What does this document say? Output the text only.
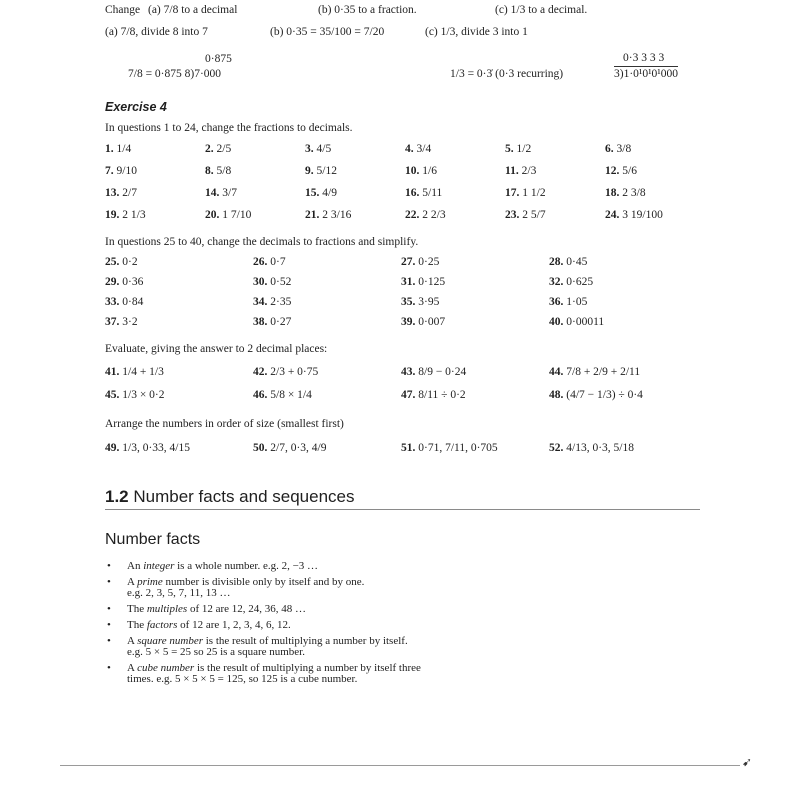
Change (a) 7/8 to a decimal	(b) 0·35 to a fraction.	(c) 1/3 to a decimal.
(a) 7/8, divide 8 into 7	(b) 0·35 = 35/100 = 7/20	(c) 1/3, divide 3 into 1
0·875
7/8 = 0·875 8)7·000
0·3 3 3 3
1/3 = 0·3̇ (0·3 recurring)	3)1·0¹0¹0¹000
Exercise 4
In questions 1 to 24, change the fractions to decimals.
1. 1/4	2. 2/5	3. 4/5	4. 3/4	5. 1/2	6. 3/8
7. 9/10	8. 5/8	9. 5/12	10. 1/6	11. 2/3	12. 5/6
13. 2/7	14. 3/7	15. 4/9	16. 5/11	17. 1 1/2	18. 2 3/8
19. 2 1/3	20. 1 7/10	21. 2 3/16	22. 2 2/3	23. 2 5/7	24. 3 19/100
In questions 25 to 40, change the decimals to fractions and simplify.
25. 0·2	26. 0·7	27. 0·25	28. 0·45
29. 0·36	30. 0·52	31. 0·125	32. 0·625
33. 0·84	34. 2·35	35. 3·95	36. 1·05
37. 3·2	38. 0·27	39. 0·007	40. 0·00011
Evaluate, giving the answer to 2 decimal places:
41. 1/4 + 1/3	42. 2/3 + 0·75	43. 8/9 − 0·24	44. 7/8 + 2/9 + 2/11
45. 1/3 × 0·2	46. 5/8 × 1/4	47. 8/11 ÷ 0·2	48. (4/7 − 1/3) ÷ 0·4
Arrange the numbers in order of size (smallest first)
49. 1/3, 0·33, 4/15	50. 2/7, 0·3, 4/9	51. 0·71, 7/11, 0·705	52. 4/13, 0·3, 5/18
1.2 Number facts and sequences
Number facts
• An integer is a whole number. e.g. 2, −3 …
• A prime number is divisible only by itself and by one.
e.g. 2, 3, 5, 7, 11, 13 …
• The multiples of 12 are 12, 24, 36, 48 …
• The factors of 12 are 1, 2, 3, 4, 6, 12.
• A square number is the result of multiplying a number by itself.
e.g. 5 × 5 = 25 so 25 is a square number.
• A cube number is the result of multiplying a number by itself three
times. e.g. 5 × 5 × 5 = 125, so 125 is a cube number.
➹
